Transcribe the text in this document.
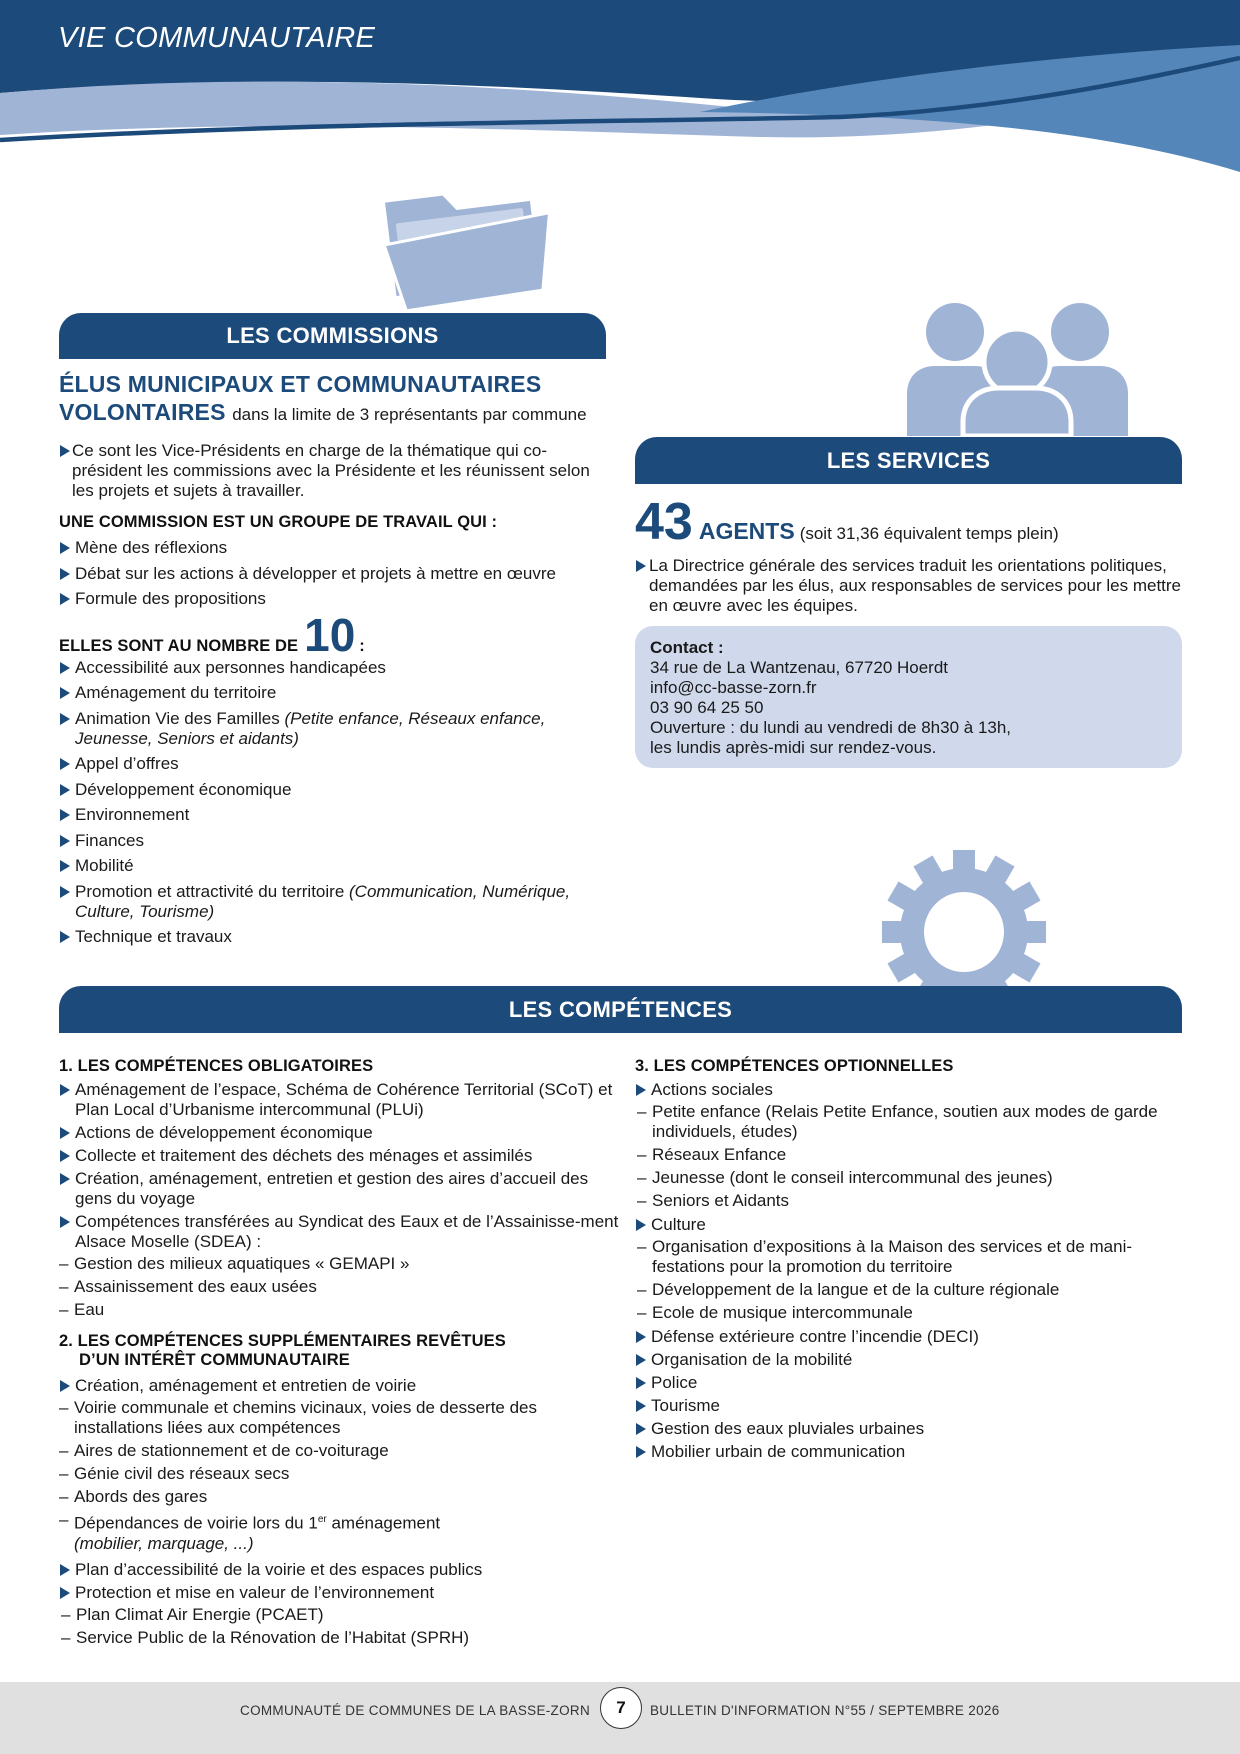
VIE COMMUNAUTAIRE
LES COMMISSIONS
ÉLUS MUNICIPAUX ET COMMUNAUTAIRES
VOLONTAIRES dans la limite de 3 représentants par commune
Ce sont les Vice-Présidents en charge de la thématique qui co-président les commissions avec la Présidente et les réunissent selon les projets et sujets à travailler.
UNE COMMISSION EST UN GROUPE DE TRAVAIL QUI :
Mène des réflexions
Débat sur les actions à développer et projets à mettre en œuvre
Formule des propositions
ELLES SONT AU NOMBRE DE 10 :
Accessibilité aux personnes handicapées
Aménagement du territoire
Animation Vie des Familles (Petite enfance, Réseaux enfance, Jeunesse, Seniors et aidants)
Appel d’offres
Développement économique
Environnement
Finances
Mobilité
Promotion et attractivité du territoire (Communication, Numérique, Culture, Tourisme)
Technique et travaux
LES SERVICES
43 AGENTS (soit 31,36 équivalent temps plein)
La Directrice générale des services traduit les orientations politiques, demandées par les élus, aux responsables de services pour les mettre en œuvre avec les équipes.
Contact :
34 rue de La Wantzenau, 67720 Hoerdt
info@cc-basse-zorn.fr
03 90 64 25 50
Ouverture : du lundi au vendredi de 8h30 à 13h,
les lundis après-midi sur rendez-vous.
LES COMPÉTENCES
1. LES COMPÉTENCES OBLIGATOIRES
Aménagement de l’espace, Schéma de Cohérence Territorial (SCoT) et Plan Local d’Urbanisme intercommunal (PLUi)
Actions de développement économique
Collecte et traitement des déchets des ménages et assimilés
Création, aménagement, entretien et gestion des aires d’accueil des gens du voyage
Compétences transférées au Syndicat des Eaux et de l’Assainisse-ment Alsace Moselle (SDEA) :
– Gestion des milieux aquatiques « GEMAPI »
– Assainissement des eaux usées
– Eau
2. LES COMPÉTENCES SUPPLÉMENTAIRES REVÊTUES
D’UN INTÉRÊT COMMUNAUTAIRE
Création, aménagement et entretien de voirie
– Voirie communale et chemins vicinaux, voies de desserte des installations liées aux compétences
– Aires de stationnement et de co-voiturage
– Génie civil des réseaux secs
– Abords des gares
– Dépendances de voirie lors du 1er aménagement
(mobilier, marquage, ...)
Plan d’accessibilité de la voirie et des espaces publics
Protection et mise en valeur de l’environnement
– Plan Climat Air Energie (PCAET)
– Service Public de la Rénovation de l’Habitat (SPRH)
3. LES COMPÉTENCES OPTIONNELLES
Actions sociales
– Petite enfance (Relais Petite Enfance, soutien aux modes de garde individuels, études)
– Réseaux Enfance
– Jeunesse (dont le conseil intercommunal des jeunes)
– Seniors et Aidants
Culture
– Organisation d’expositions à la Maison des services et de mani-festations pour la promotion du territoire
– Développement de la langue et de la culture régionale
– Ecole de musique intercommunale
Défense extérieure contre l’incendie (DECI)
Organisation de la mobilité
Police
Tourisme
Gestion des eaux pluviales urbaines
Mobilier urbain de communication
COMMUNAUTÉ DE COMMUNES DE LA BASSE-ZORN	7	BULLETIN D'INFORMATION N°55 / SEPTEMBRE 2026
